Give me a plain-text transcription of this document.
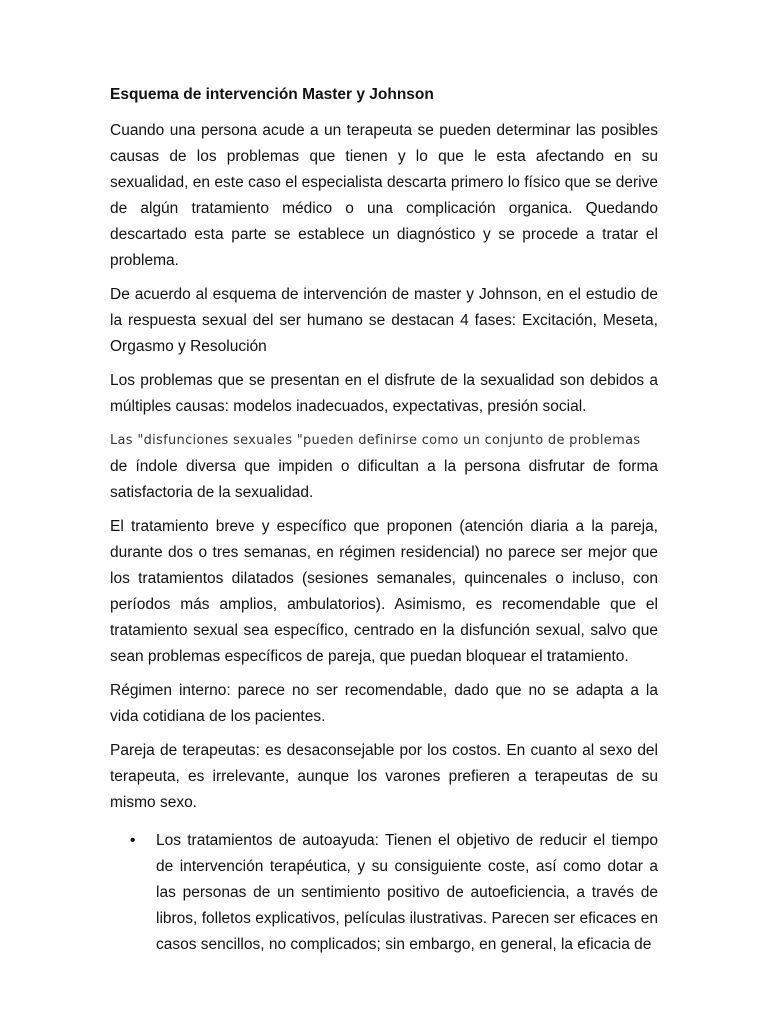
Esquema de intervención Master y Johnson

Cuando una persona acude a un terapeuta se pueden determinar las posibles causas de los problemas que tienen y lo que le esta afectando en su sexualidad, en este caso el especialista descarta primero lo físico que se derive de algún tratamiento médico o una complicación organica. Quedando descartado esta parte se establece un diagnóstico y se procede a tratar el problema.

De acuerdo al esquema de intervención de master y Johnson, en el estudio de la respuesta sexual del ser humano se destacan 4 fases: Excitación, Meseta, Orgasmo y Resolución

Los problemas que se presentan en el disfrute de la sexualidad son debidos a múltiples causas: modelos inadecuados, expectativas, presión social.

Las "disfunciones sexuales "pueden definirse como un conjunto de problemas

de índole diversa que impiden o dificultan a la persona disfrutar de forma satisfactoria de la sexualidad.

El tratamiento breve y específico que proponen (atención diaria a la pareja, durante dos o tres semanas, en régimen residencial) no parece ser mejor que los tratamientos dilatados (sesiones semanales, quincenales o incluso, con períodos más amplios, ambulatorios). Asimismo, es recomendable que el tratamiento sexual sea específico, centrado en la disfunción sexual, salvo que sean problemas específicos de pareja, que puedan bloquear el tratamiento.

Régimen interno: parece no ser recomendable, dado que no se adapta a la vida cotidiana de los pacientes.

Pareja de terapeutas: es desaconsejable por los costos. En cuanto al sexo del terapeuta, es irrelevante, aunque los varones prefieren a terapeutas de su mismo sexo.

• Los tratamientos de autoayuda: Tienen el objetivo de reducir el tiempo de intervención terapéutica, y su consiguiente coste, así como dotar a las personas de un sentimiento positivo de autoeficiencia, a través de libros, folletos explicativos, películas ilustrativas. Parecen ser eficaces en casos sencillos, no complicados; sin embargo, en general, la eficacia de
